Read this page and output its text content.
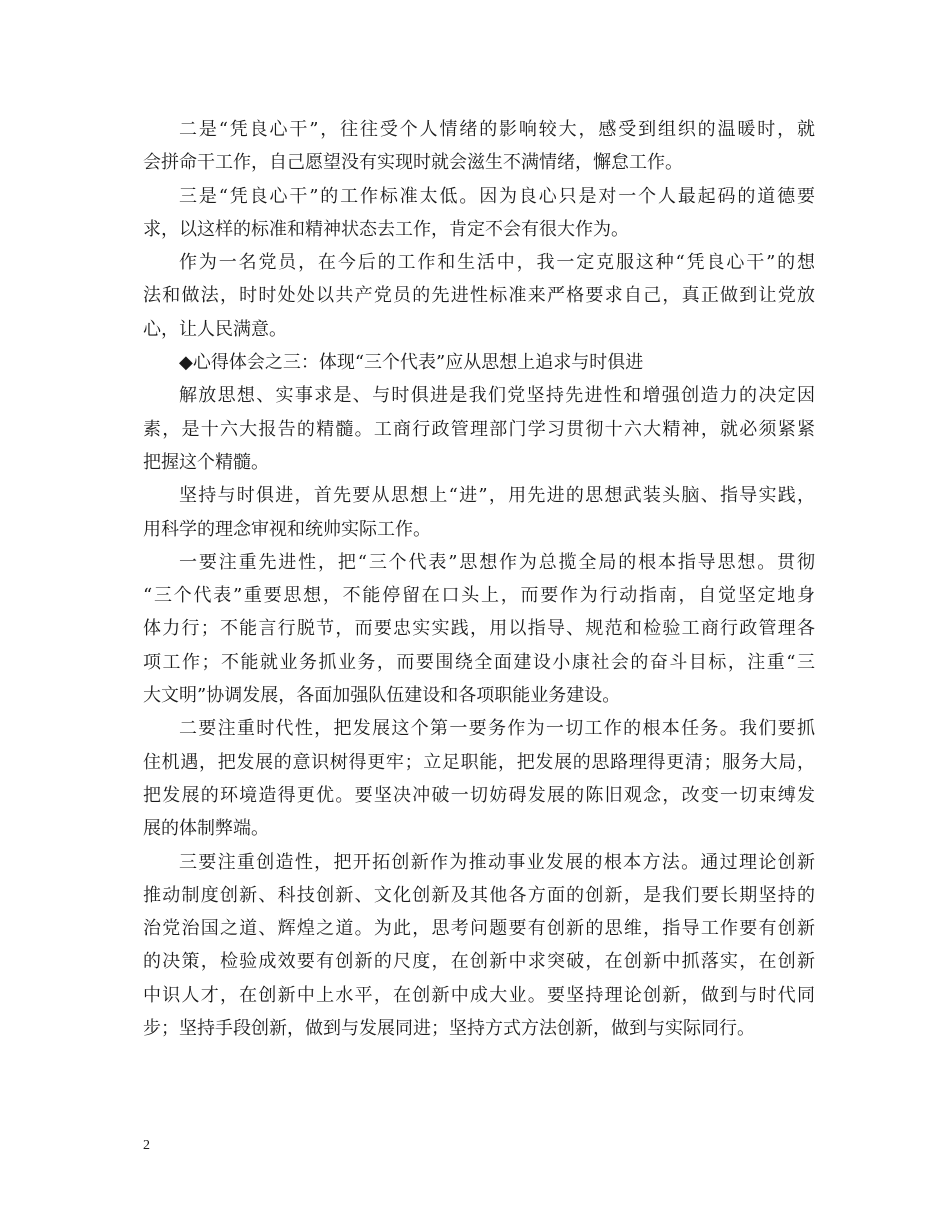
二是“凭良心干”，往往受个人情绪的影响较大，感受到组织的温暖时，就
会拼命干工作，自己愿望没有实现时就会滋生不满情绪，懈怠工作。
三是“凭良心干”的工作标准太低。因为良心只是对一个人最起码的道德要
求，以这样的标准和精神状态去工作，肯定不会有很大作为。
作为一名党员，在今后的工作和生活中，我一定克服这种“凭良心干”的想
法和做法，时时处处以共产党员的先进性标准来严格要求自己，真正做到让党放
心，让人民满意。
◆心得体会之三：体现“三个代表”应从思想上追求与时俱进
解放思想、实事求是、与时俱进是我们党坚持先进性和增强创造力的决定因
素，是十六大报告的精髓。工商行政管理部门学习贯彻十六大精神，就必须紧紧
把握这个精髓。
坚持与时俱进，首先要从思想上“进”，用先进的思想武装头脑、指导实践，
用科学的理念审视和统帅实际工作。
一要注重先进性，把“三个代表”思想作为总揽全局的根本指导思想。贯彻
“三个代表”重要思想，不能停留在口头上，而要作为行动指南，自觉坚定地身
体力行；不能言行脱节，而要忠实实践，用以指导、规范和检验工商行政管理各
项工作；不能就业务抓业务，而要围绕全面建设小康社会的奋斗目标，注重“三
大文明”协调发展，各面加强队伍建设和各项职能业务建设。
二要注重时代性，把发展这个第一要务作为一切工作的根本任务。我们要抓
住机遇，把发展的意识树得更牢；立足职能，把发展的思路理得更清；服务大局，
把发展的环境造得更优。要坚决冲破一切妨碍发展的陈旧观念，改变一切束缚发
展的体制弊端。
三要注重创造性，把开拓创新作为推动事业发展的根本方法。通过理论创新
推动制度创新、科技创新、文化创新及其他各方面的创新，是我们要长期坚持的
治党治国之道、辉煌之道。为此，思考问题要有创新的思维，指导工作要有创新
的决策，检验成效要有创新的尺度，在创新中求突破，在创新中抓落实，在创新
中识人才，在创新中上水平，在创新中成大业。要坚持理论创新，做到与时代同
步；坚持手段创新，做到与发展同进；坚持方式方法创新，做到与实际同行。
2
